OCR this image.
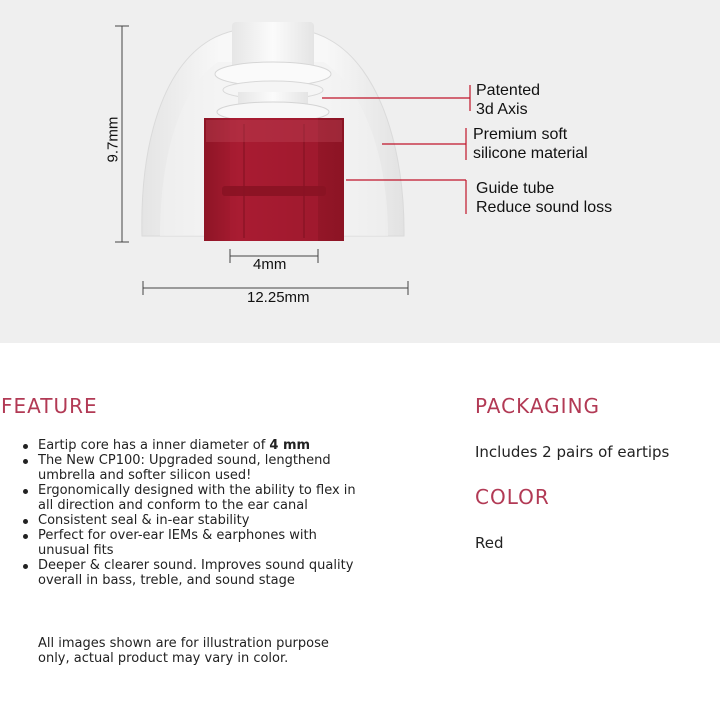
Patented
3d Axis
Premium soft
silicone material
Guide tube
Reduce sound loss
9.7mm
4mm
12.25mm
FEATURE
Eartip core has a inner diameter of 4 mm
The New CP100: Upgraded sound, lengthend umbrella and softer silicon used!
Ergonomically designed with the ability to flex in all direction and conform to the ear canal
Consistent seal & in-ear stability
Perfect for over-ear IEMs & earphones with unusual fits
Deeper & clearer sound. Improves sound quality overall in bass, treble, and sound stage
All images shown are for illustration purpose only, actual product may vary in color.
PACKAGING
Includes 2 pairs of eartips
COLOR
Red
